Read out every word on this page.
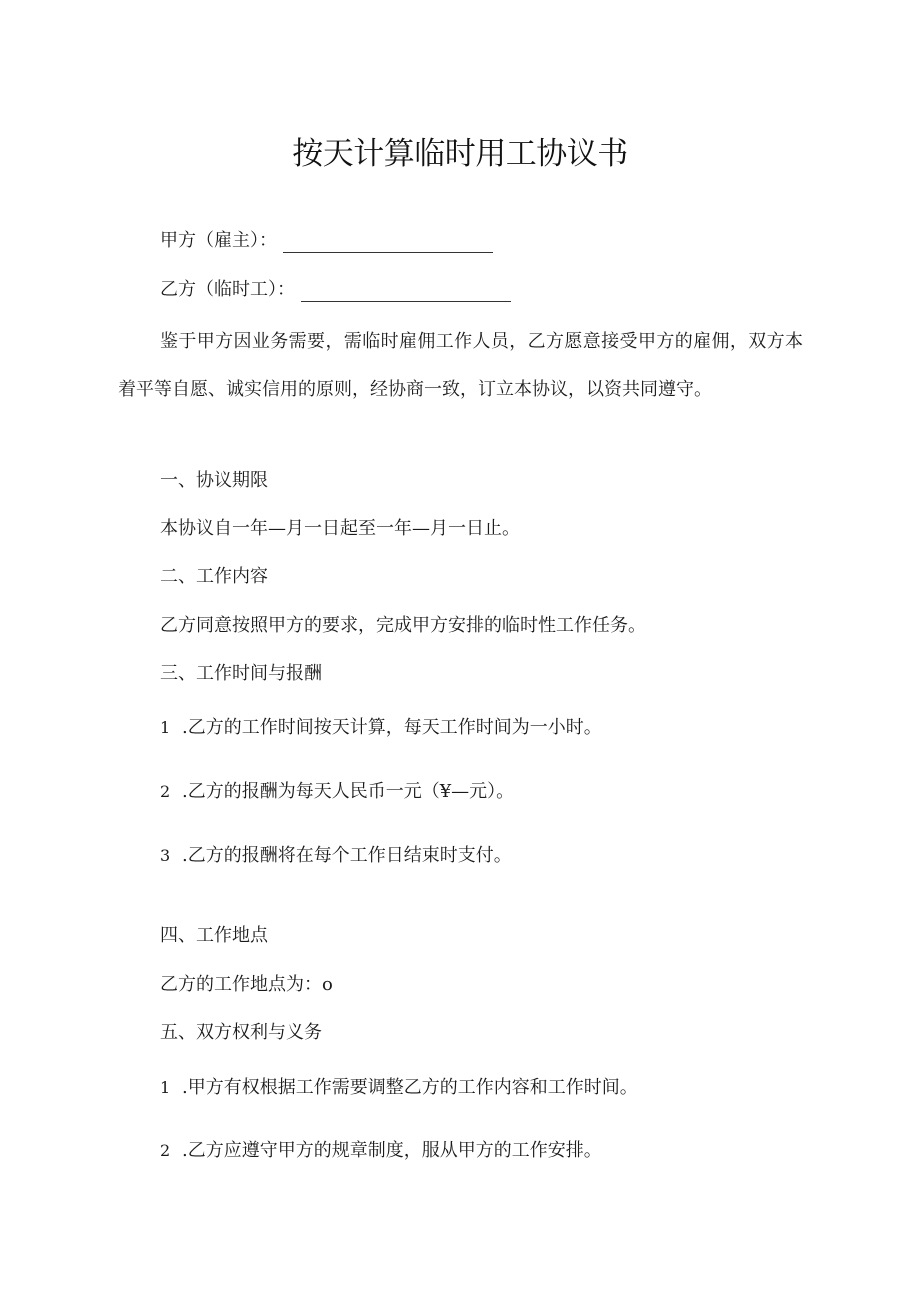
按天计算临时用工协议书
甲方（雇主）：
乙方（临时工）：
鉴于甲方因业务需要，需临时雇佣工作人员，乙方愿意接受甲方的雇佣，双方本着平等自愿、诚实信用的原则，经协商一致，订立本协议，以资共同遵守。
一、协议期限
本协议自一年—月一日起至一年—月一日止。
二、工作内容
乙方同意按照甲方的要求，完成甲方安排的临时性工作任务。
三、工作时间与报酬
1 .乙方的工作时间按天计算，每天工作时间为一小时。
2 .乙方的报酬为每天人民币一元（¥—元）。
3 .乙方的报酬将在每个工作日结束时支付。
四、工作地点
乙方的工作地点为：o
五、双方权利与义务
1 .甲方有权根据工作需要调整乙方的工作内容和工作时间。
2 .乙方应遵守甲方的规章制度，服从甲方的工作安排。
